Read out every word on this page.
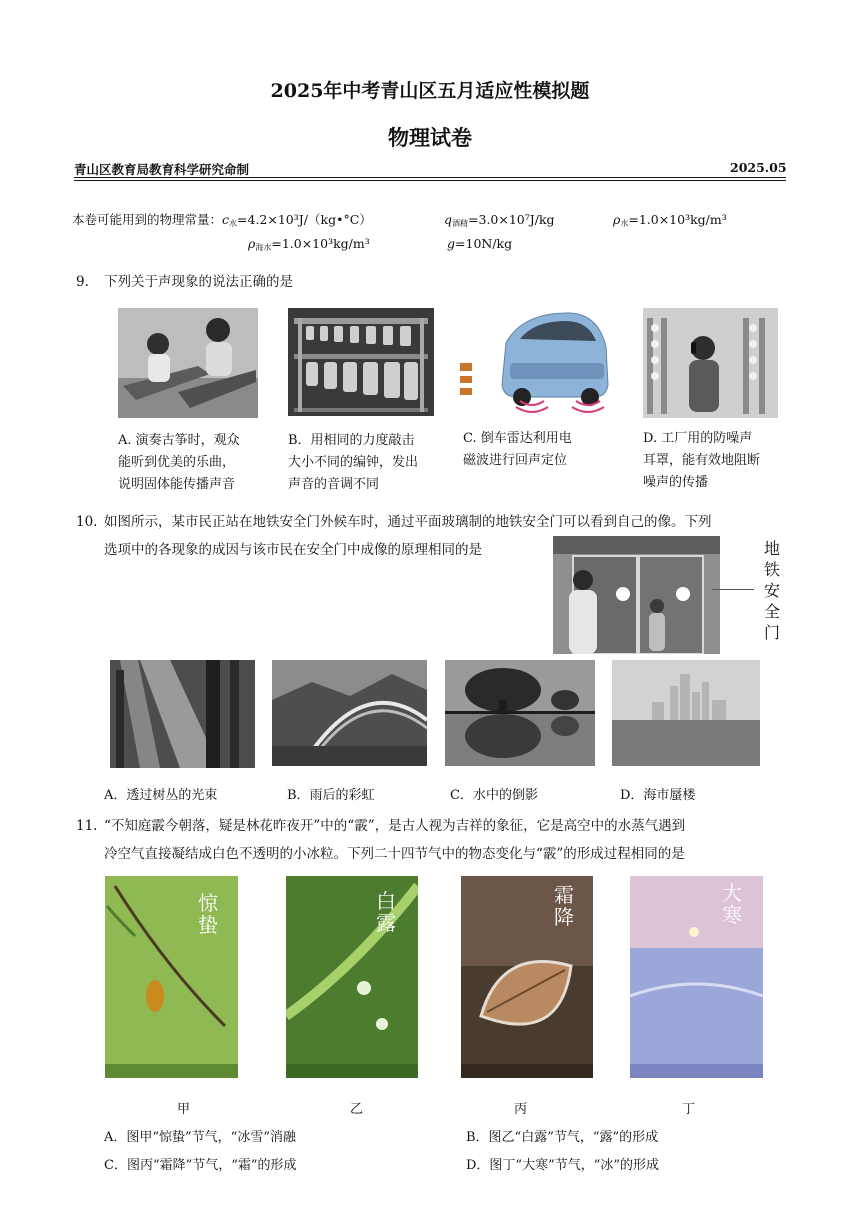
2025年中考青山区五月适应性模拟题
物理试卷
青山区教育局教育科学研究命制	2025.05
本卷可能用到的物理常量：$c_水=4.2\times 10^3J/(kg•^\circ C)$	$q_{酒精}=3.0\times 10^7J/kg$	$\rho_水=1.0\times 10^3kg/m^3$
$\rho_{海水}=1.0\times 10^3kg/m^3$	g=10N/kg
9. 下列关于声现象的说法正确的是
A. 演奏古筝时，观众
能听到优美的乐曲，
说明固体能传播声音
B．用相同的力度敲击
大小不同的编钟，发出
声音的音调不同
C. 倒车雷达利用电
磁波进行回声定位
D. 工厂用的防噪声
耳罩，能有效地阻断
噪声的传播
10. 如图所示，某市民正站在地铁安全门外候车时，通过平面玻璃制的地铁安全门可以看到自己的像。下列
选项中的各现象的成因与该市民在安全门中成像的原理相同的是	地
铁
安
全
门
A．透过树丛的光束	B．雨后的彩虹	C．水中的倒影	D．海市蜃楼
11. “不知庭霰今朝落，疑是林花昨夜开”中的“霰”，是古人视为吉祥的象征，它是高空中的水蒸气遇到
冷空气直接凝结成白色不透明的小冰粒。下列二十四节气中的物态变化与“霰”的形成过程相同的是
惊
蛰
白
露
霜
降
大
寒
甲	乙	丙	丁
A．图甲“惊蛰”节气，“冰雪”消融	B．图乙“白露”节气，“露”的形成
C．图丙“霜降”节气，“霜”的形成	D．图丁“大寒”节气，“冰”的形成
